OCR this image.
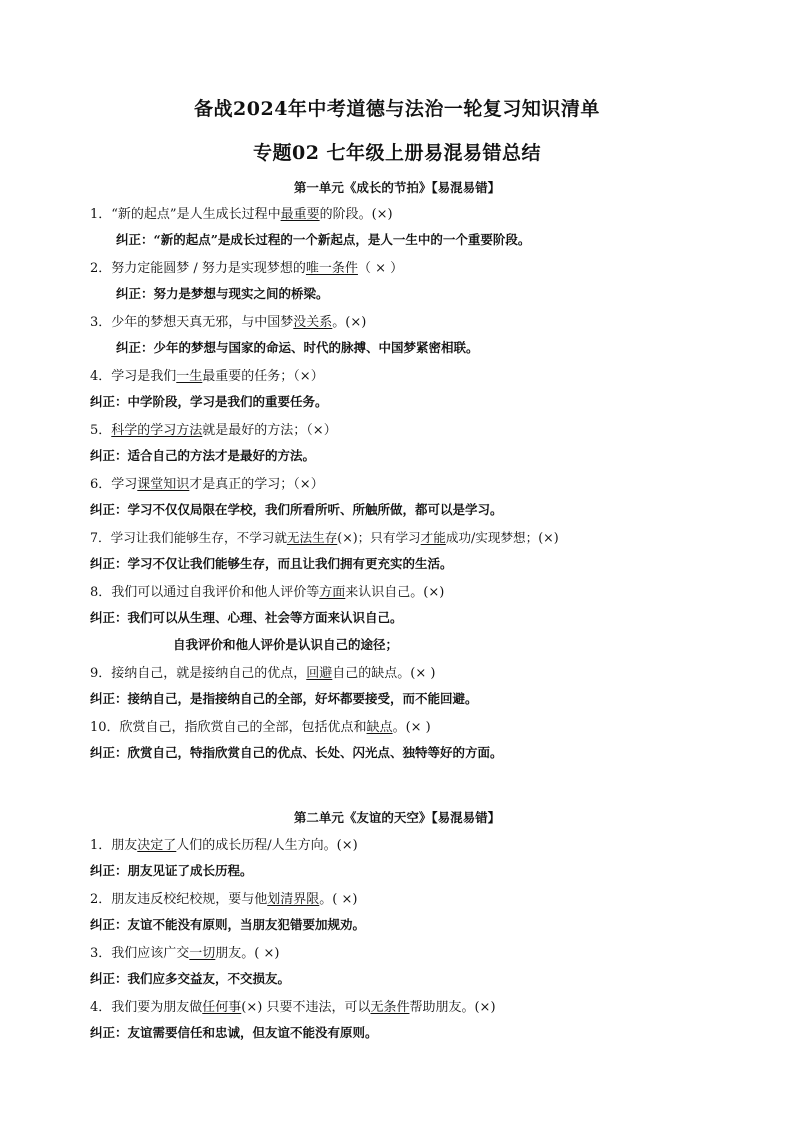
备战2024年中考道德与法治一轮复习知识清单
专题02 七年级上册易混易错总结
第一单元《成长的节拍》【易混易错】
1．“新的起点”是人生成长过程中最重要的阶段。(×)
纠正：“新的起点”是成长过程的一个新起点，是人一生中的一个重要阶段。
2．努力定能圆梦 / 努力是实现梦想的唯一条件（ × ）
纠正：努力是梦想与现实之间的桥梁。
3．少年的梦想天真无邪，与中国梦没关系。(×)
纠正：少年的梦想与国家的命运、时代的脉搏、中国梦紧密相联。
4．学习是我们一生最重要的任务；（×）
纠正：中学阶段，学习是我们的重要任务。
5．科学的学习方法就是最好的方法；（×）
纠正：适合自己的方法才是最好的方法。
6．学习课堂知识才是真正的学习；（×）
纠正：学习不仅仅局限在学校，我们所看所听、所触所做，都可以是学习。
7．学习让我们能够生存，不学习就无法生存(×)；只有学习才能成功/实现梦想；(×)
纠正：学习不仅让我们能够生存，而且让我们拥有更充实的生活。
8．我们可以通过自我评价和他人评价等方面来认识自己。(×)
纠正：我们可以从生理、心理、社会等方面来认识自己。
自我评价和他人评价是认识自己的途径；
9．接纳自己，就是接纳自己的优点，回避自己的缺点。(× )
纠正：接纳自己，是指接纳自己的全部，好坏都要接受，而不能回避。
10．欣赏自己，指欣赏自己的全部，包括优点和缺点。(× )
纠正：欣赏自己，特指欣赏自己的优点、长处、闪光点、独特等好的方面。
第二单元《友谊的天空》【易混易错】
1．朋友决定了人们的成长历程/人生方向。(×)
纠正：朋友见证了成长历程。
2．朋友违反校纪校规，要与他划清界限。( ×)
纠正：友谊不能没有原则，当朋友犯错要加规劝。
3．我们应该广交一切朋友。( ×)
纠正：我们应多交益友，不交损友。
4．我们要为朋友做任何事(×) 只要不违法，可以无条件帮助朋友。(×)
纠正：友谊需要信任和忠诚，但友谊不能没有原则。
